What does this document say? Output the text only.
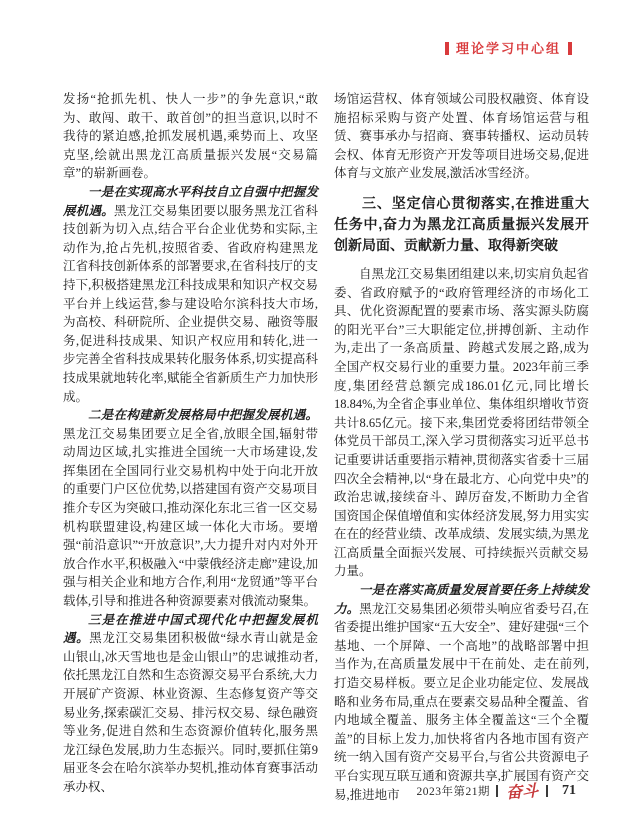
理论学习中心组

发扬“抢抓先机、快人一步”的争先意识,“敢为、敢闯、敢干、敢首创”的担当意识,以时不我待的紧迫感,抢抓发展机遇,乘势而上、攻坚克坚,绘就出黑龙江高质量振兴发展“交易篇章”的崭新画卷。

一是在实现高水平科技自立自强中把握发展机遇。黑龙江交易集团要以服务黑龙江省科技创新为切入点,结合平台企业优势和实际,主动作为,抢占先机,按照省委、省政府构建黑龙江省科技创新体系的部署要求,在省科技厅的支持下,积极搭建黑龙江科技成果和知识产权交易平台并上线运营,参与建设哈尔滨科技大市场,为高校、科研院所、企业提供交易、融资等服务,促进科技成果、知识产权应用和转化,进一步完善全省科技成果转化服务体系,切实提高科技成果就地转化率,赋能全省新质生产力加快形成。

二是在构建新发展格局中把握发展机遇。黑龙江交易集团要立足全省,放眼全国,辐射带动周边区域,扎实推进全国统一大市场建设,发挥集团在全国同行业交易机构中处于向北开放的重要门户区位优势,以搭建国有资产交易项目推介专区为突破口,推动深化东北三省一区交易机构联盟建设,构建区域一体化大市场。要增强“前沿意识”“开放意识”,大力提升对内对外开放合作水平,积极融入“中蒙俄经济走廊”建设,加强与相关企业和地方合作,利用“龙贸通”等平台载体,引导和推进各种资源要素对俄流动聚集。

三是在推进中国式现代化中把握发展机遇。黑龙江交易集团积极做“绿水青山就是金山银山,冰天雪地也是金山银山”的忠诚推动者,依托黑龙江自然和生态资源交易平台系统,大力开展矿产资源、林业资源、生态修复资产等交易业务,探索碳汇交易、排污权交易、绿色融资等业务,促进自然和生态资源价值转化,服务黑龙江绿色发展,助力生态振兴。同时,要抓住第9届亚冬会在哈尔滨举办契机,推动体育赛事活动承办权、

场馆运营权、体育领域公司股权融资、体育设施招标采购与资产处置、体育场馆运营与租赁、赛事承办与招商、赛事转播权、运动员转会权、体育无形资产开发等项目进场交易,促进体育与文旅产业发展,激活冰雪经济。

三、坚定信心贯彻落实,在推进重大任务中,奋力为黑龙江高质量振兴发展开创新局面、贡献新力量、取得新突破

自黑龙江交易集团组建以来,切实肩负起省委、省政府赋予的“政府管理经济的市场化工具、优化资源配置的要素市场、落实源头防腐的阳光平台”三大职能定位,拼搏创新、主动作为,走出了一条高质量、跨越式发展之路,成为全国产权交易行业的重要力量。2023年前三季度,集团经营总额完成186.01亿元,同比增长18.84%,为全省企事业单位、集体组织增收节资共计8.65亿元。接下来,集团党委将团结带领全体党员干部员工,深入学习贯彻落实习近平总书记重要讲话重要指示精神,贯彻落实省委十三届四次全会精神,以“身在最北方、心向党中央”的政治忠诚,接续奋斗、踔厉奋发,不断助力全省国资国企保值增值和实体经济发展,努力用实实在在的经营业绩、改革成绩、发展实绩,为黑龙江高质量全面振兴发展、可持续振兴贡献交易力量。

一是在落实高质量发展首要任务上持续发力。黑龙江交易集团必须带头响应省委号召,在省委提出维护国家“五大安全”、建好建强“三个基地、一个屏障、一个高地”的战略部署中担当作为,在高质量发展中干在前处、走在前列,打造交易样板。要立足企业功能定位、发展战略和业务布局,重点在要素交易品种全覆盖、省内地域全覆盖、服务主体全覆盖这“三个全覆盖”的目标上发力,加快将省内各地市国有资产统一纳入国有资产交易平台,与省公共资源电子平台实现互联互通和资源共享,扩展国有资产交易,推进地市	2023年第21期 奋斗 71
